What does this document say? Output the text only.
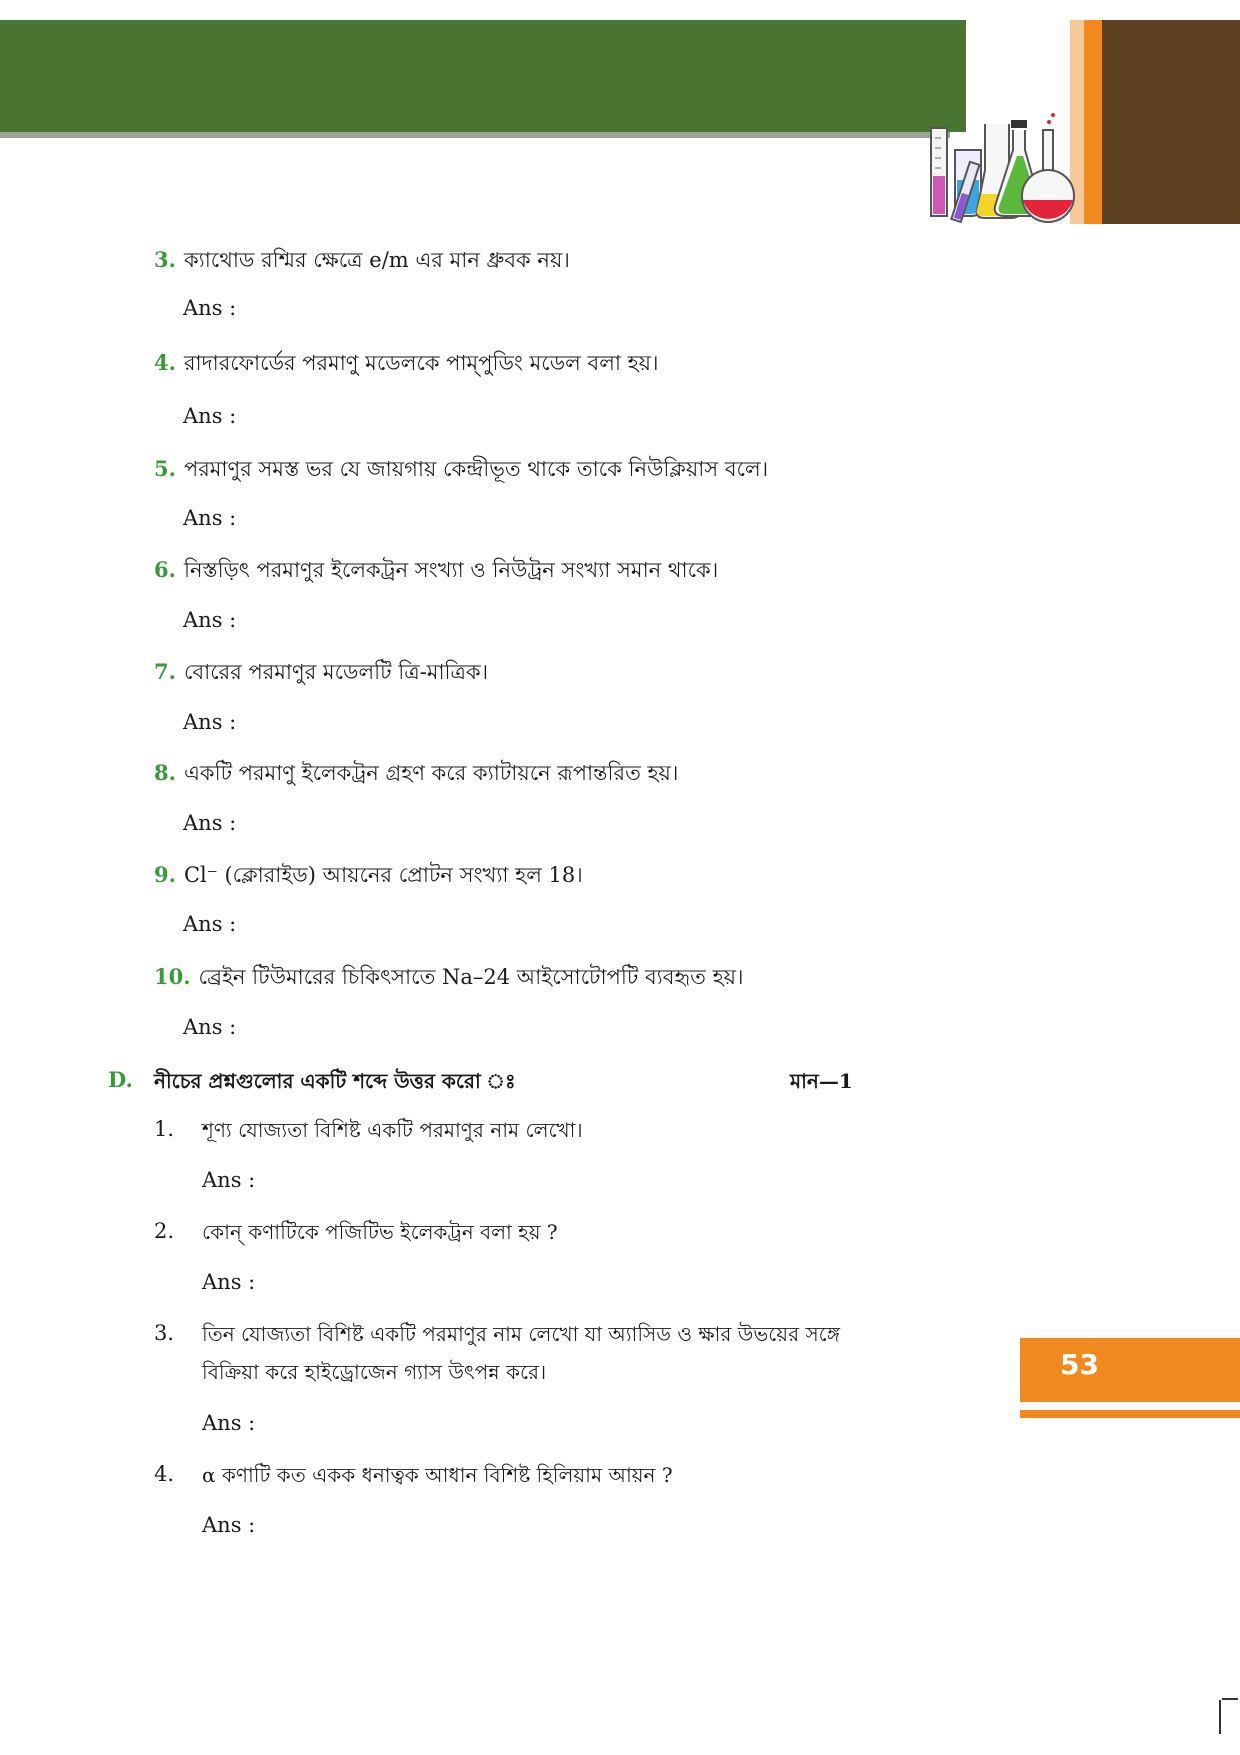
3. ক্যাথোড রশ্মির ক্ষেত্রে e/m এর মান ধ্রুবক নয়।
Ans :
4. রাদারফোর্ডের পরমাণু মডেলকে পাম্‌পুডিং মডেল বলা হয়।
Ans :
5. পরমাণুর সমস্ত ভর যে জায়গায় কেন্দ্রীভূত থাকে তাকে নিউক্লিয়াস বলে।
Ans :
6. নিস্তড়িৎ পরমাণুর ইলেকট্রন সংখ্যা ও নিউট্রন সংখ্যা সমান থাকে।
Ans :
7. বোরের পরমাণুর মডেলটি ত্রি-মাত্রিক।
Ans :
8. একটি পরমাণু ইলেকট্রন গ্রহণ করে ক্যাটায়নে রূপান্তরিত হয়।
Ans :
9. Cl⁻ (ক্লোরাইড) আয়নের প্রোটন সংখ্যা হল 18।
Ans :
10. ব্রেইন টিউমারের চিকিৎসাতে Na–24 আইসোটোপটি ব্যবহৃত হয়।
Ans :
D. নীচের প্রশ্নগুলোর একটি শব্দে উত্তর করো ঃ	মান—1
1. শূণ্য যোজ্যতা বিশিষ্ট একটি পরমাণুর নাম লেখো।
Ans :
2. কোন্ কণাটিকে পজিটিভ ইলেকট্রন বলা হয় ?
Ans :
3. তিন যোজ্যতা বিশিষ্ট একটি পরমাণুর নাম লেখো যা অ্যাসিড ও ক্ষার উভয়ের সঙ্গে বিক্রিয়া করে হাইড্রোজেন গ্যাস উৎপন্ন করে।
Ans :
4. α কণাটি কত একক ধনাত্বক আধান বিশিষ্ট হিলিয়াম আয়ন ?
Ans :
53
